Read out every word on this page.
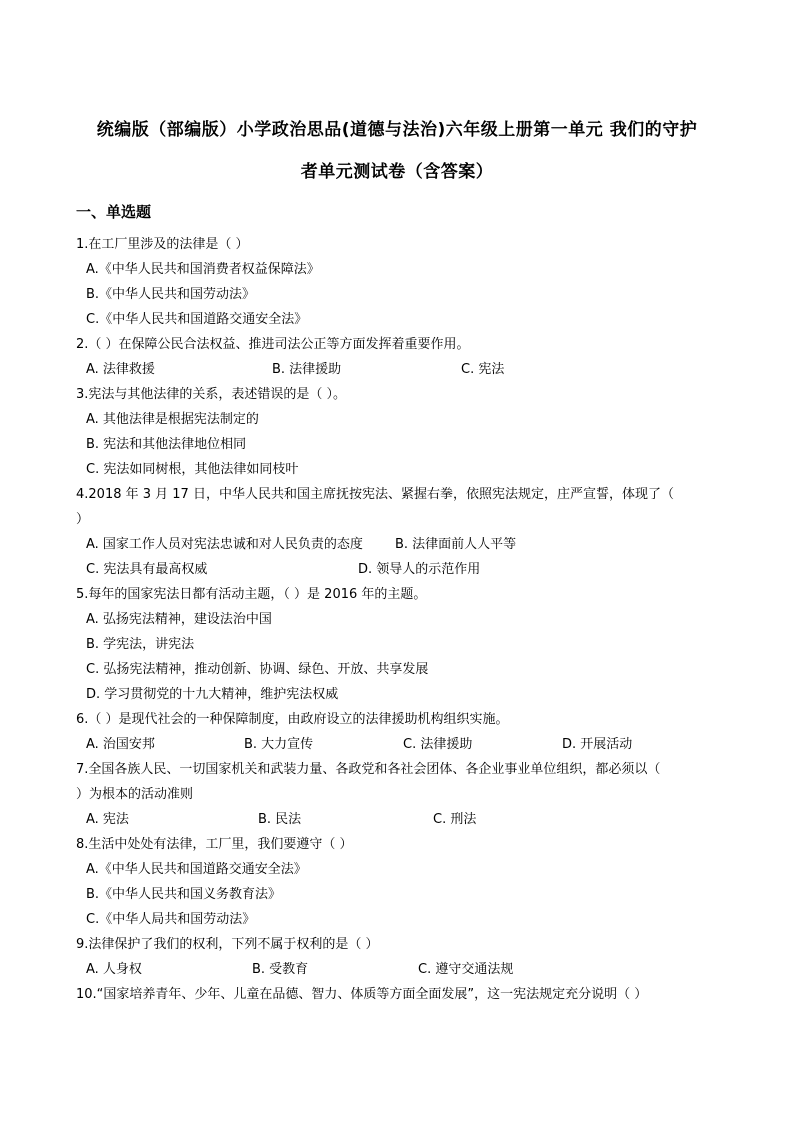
统编版（部编版）小学政治思品(道德与法治)六年级上册第一单元 我们的守护
者单元测试卷（含答案）
一、单选题
1.在工厂里涉及的法律是（ ）
A.《中华人民共和国消费者权益保障法》
B.《中华人民共和国劳动法》
C.《中华人民共和国道路交通安全法》
2.（ ）在保障公民合法权益、推进司法公正等方面发挥着重要作用。
A. 法律救援	B. 法律援助	C. 宪法
3.宪法与其他法律的关系，表述错误的是（ ）。
A. 其他法律是根据宪法制定的
B. 宪法和其他法律地位相同
C. 宪法如同树根，其他法律如同枝叶
4.2018 年 3 月 17 日，中华人民共和国主席抚按宪法、紧握右拳，依照宪法规定，庄严宣誓，体现了（
）
A. 国家工作人员对宪法忠诚和对人民负责的态度 B. 法律面前人人平等
C. 宪法具有最高权威	D. 领导人的示范作用
5.每年的国家宪法日都有活动主题，（ ）是 2016 年的主题。
A. 弘扬宪法精神，建设法治中国
B. 学宪法，讲宪法
C. 弘扬宪法精神，推动创新、协调、绿色、开放、共享发展
D. 学习贯彻党的十九大精神，维护宪法权威
6.（ ）是现代社会的一种保障制度，由政府设立的法律援助机构组织实施。
A. 治国安邦	B. 大力宣传	C. 法律援助	D. 开展活动
7.全国各族人民、一切国家机关和武装力量、各政党和各社会团体、各企业事业单位组织，都必须以（
）为根本的活动准则
A. 宪法	B. 民法	C. 刑法
8.生活中处处有法律，工厂里，我们要遵守（ ）
A.《中华人民共和国道路交通安全法》
B.《中华人民共和国义务教育法》
C.《中华人局共和国劳动法》
9.法律保护了我们的权利，下列不属于权利的是（ ）
A. 人身权	B. 受教育	C. 遵守交通法规
10.“国家培养青年、少年、儿童在品德、智力、体质等方面全面发展”，这一宪法规定充分说明（ ）
